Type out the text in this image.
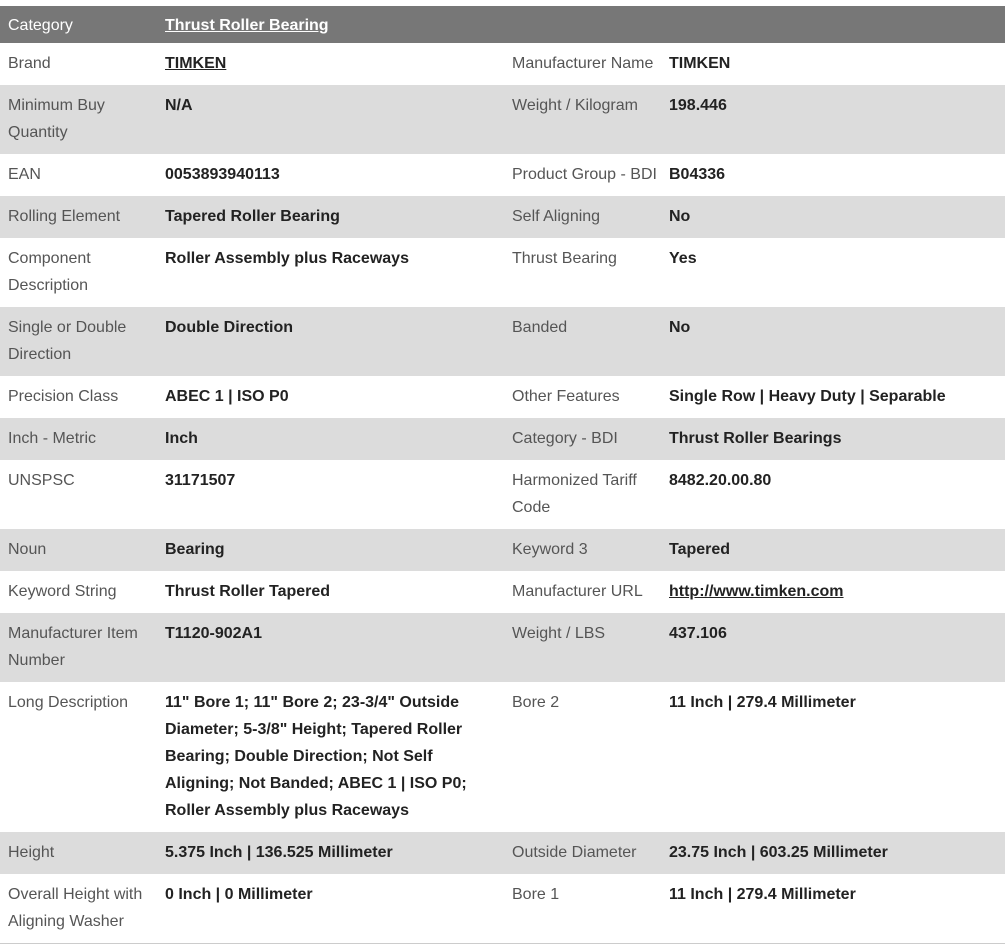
Category	Thrust Roller Bearing		
Brand	TIMKEN	Manufacturer Name	TIMKEN
Minimum Buy Quantity	N/A	Weight / Kilogram	198.446
EAN	0053893940113	Product Group - BDI	B04336
Rolling Element	Tapered Roller Bearing	Self Aligning	No
Component Description	Roller Assembly plus Raceways	Thrust Bearing	Yes
Single or Double Direction	Double Direction	Banded	No
Precision Class	ABEC 1 | ISO P0	Other Features	Single Row | Heavy Duty | Separable
Inch - Metric	Inch	Category - BDI	Thrust Roller Bearings
UNSPSC	31171507	Harmonized Tariff Code	8482.20.00.80
Noun	Bearing	Keyword 3	Tapered
Keyword String	Thrust Roller Tapered	Manufacturer URL	http://www.timken.com
Manufacturer Item Number	T1120-902A1	Weight / LBS	437.106
Long Description	11" Bore 1; 11" Bore 2; 23-3/4" Outside Diameter; 5-3/8" Height; Tapered Roller Bearing; Double Direction; Not Self Aligning; Not Banded; ABEC 1 | ISO P0; Roller Assembly plus Raceways	Bore 2	11 Inch | 279.4 Millimeter
Height	5.375 Inch | 136.525 Millimeter	Outside Diameter	23.75 Inch | 603.25 Millimeter
Overall Height with Aligning Washer	0 Inch | 0 Millimeter	Bore 1	11 Inch | 279.4 Millimeter
